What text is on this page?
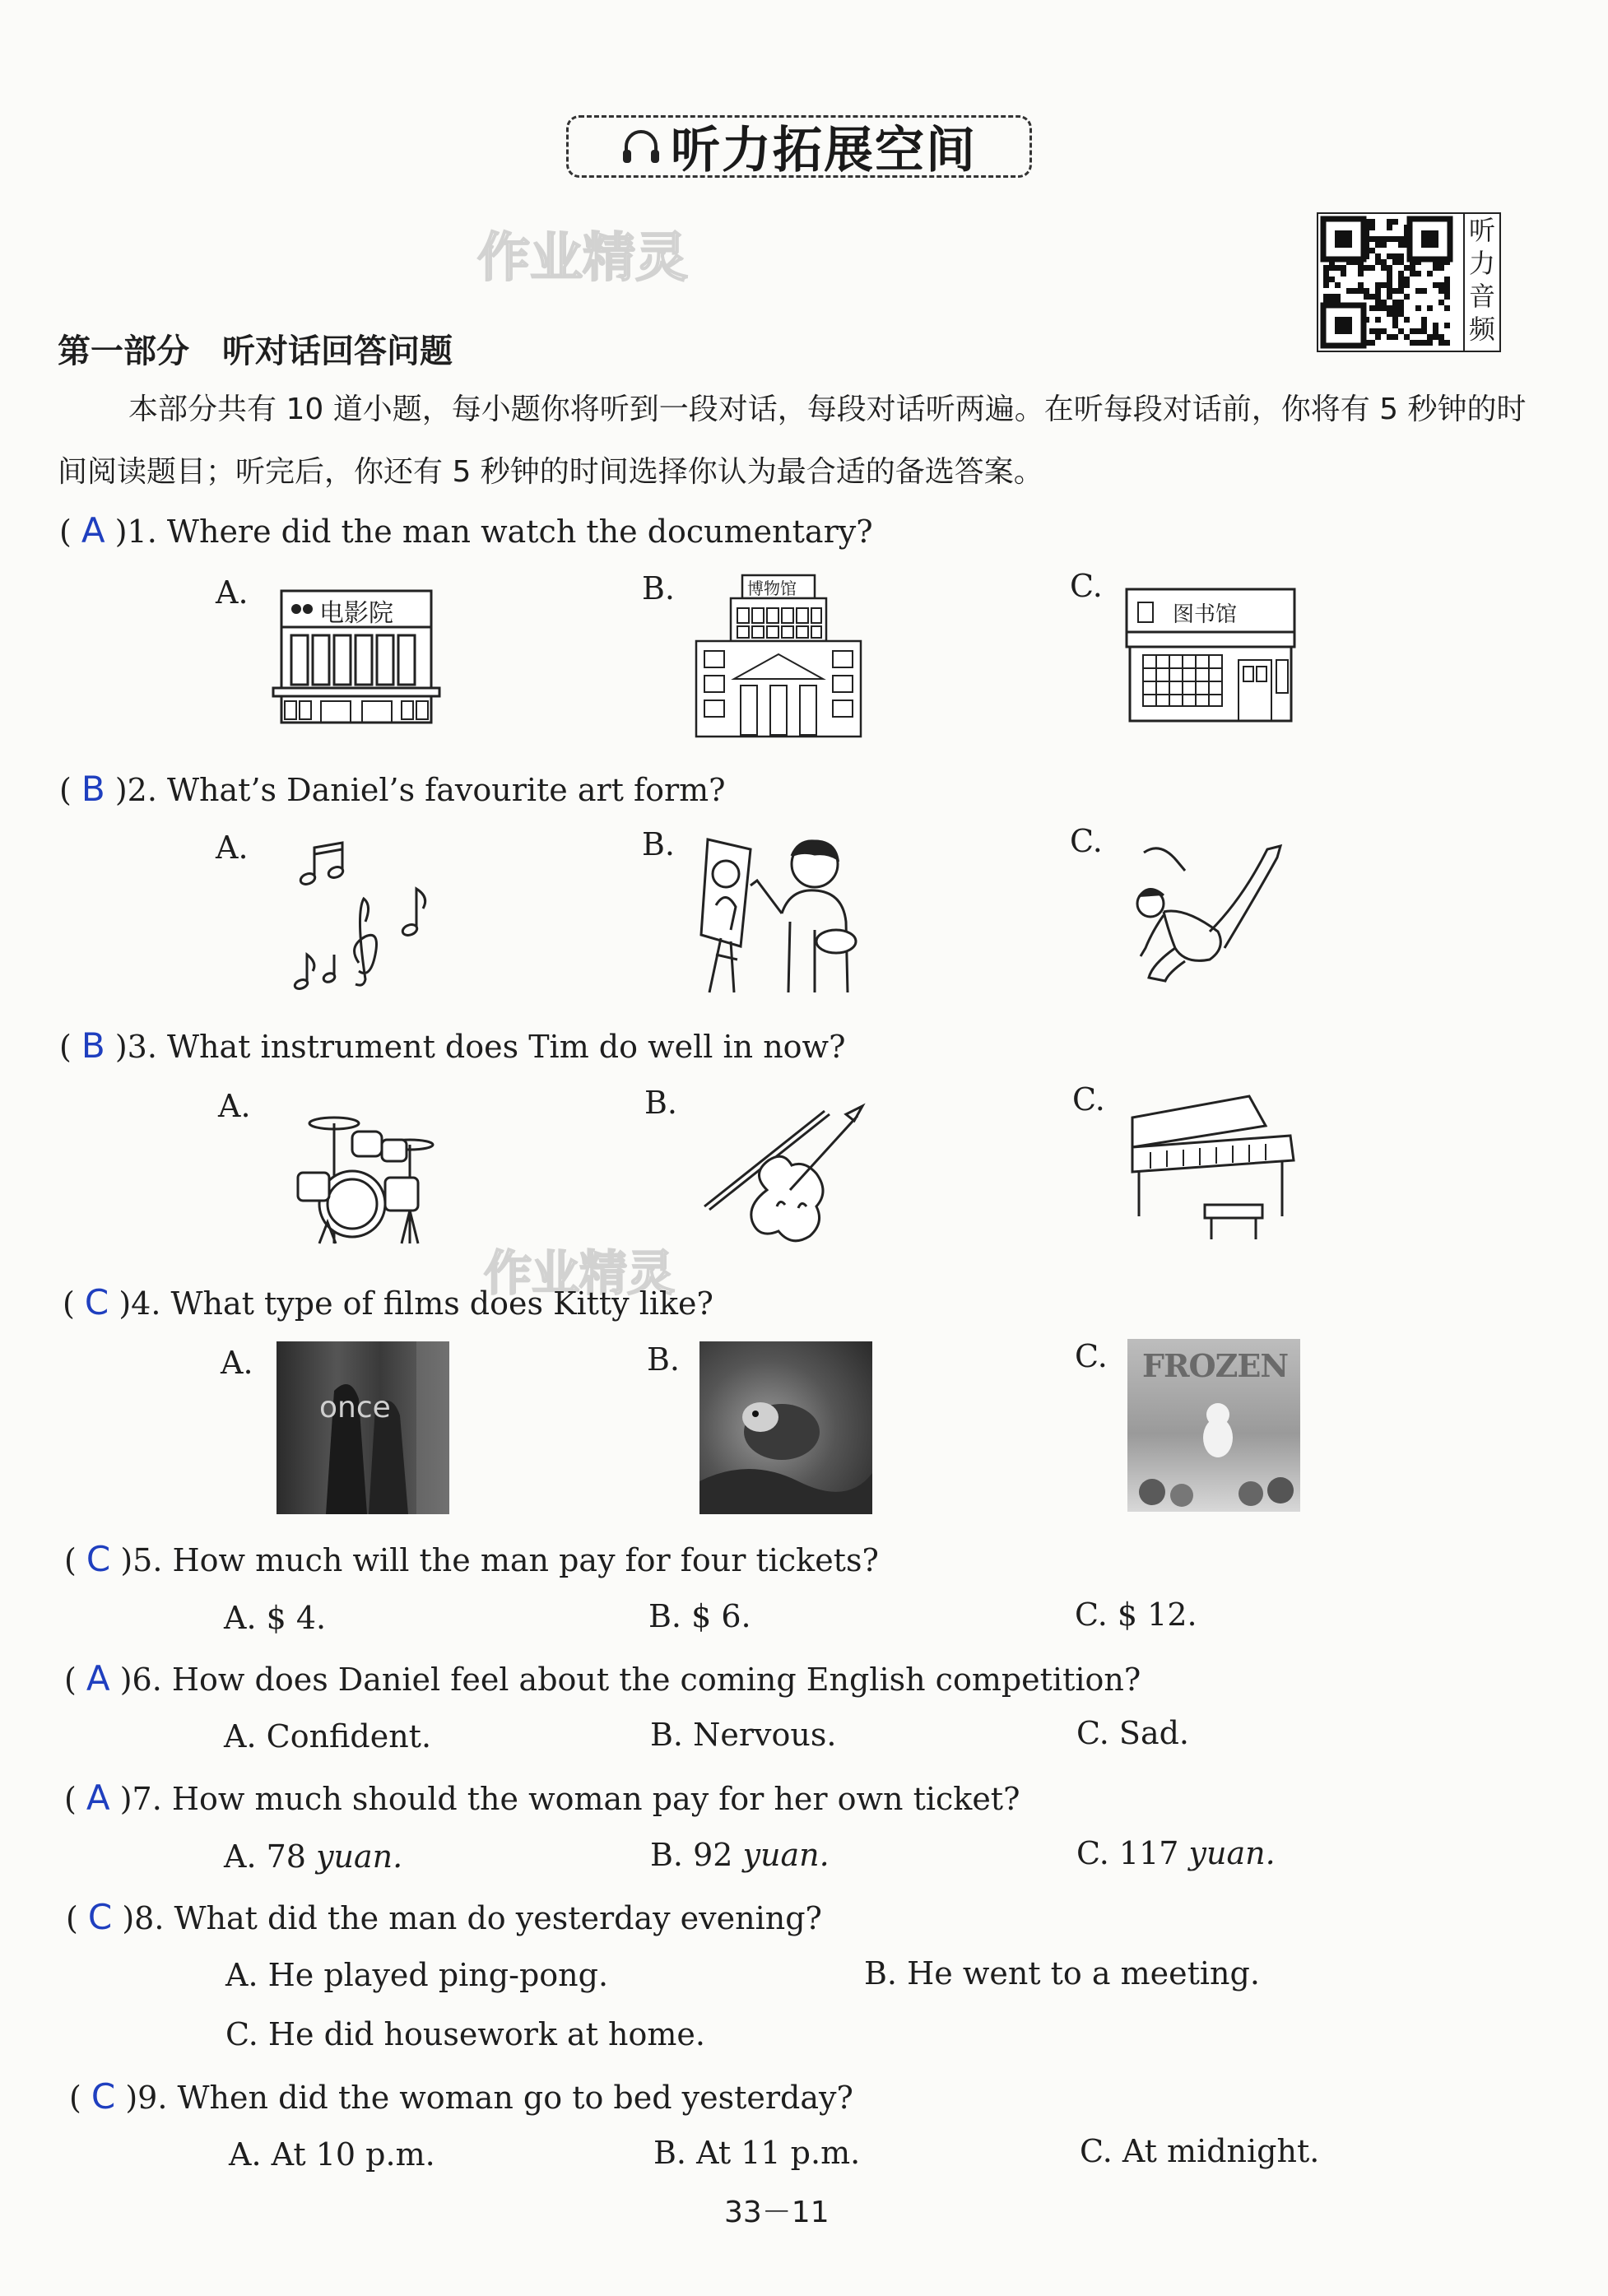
听力拓展空间
作业精灵
作业精灵
听
力
音
频
第一部分　听对话回答问题
本部分共有 10 道小题，每小题你将听到一段对话，每段对话听两遍。在听每段对话前，你将有 5 秒钟的时间阅读题目；听完后，你还有 5 秒钟的时间选择你认为最合适的备选答案。
( A )1. Where did the man watch the documentary?
A.	B.	C.
电影院
博物馆
图书馆
( B )2. What’s Daniel’s favourite art form?
A.	B.	C.
( B )3. What instrument does Tim do well in now?
A.	B.	C.
( C )4. What type of films does Kitty like?
A.	B.	C.
once
FROZEN
( C )5. How much will the man pay for four tickets?
A. $ 4.	B. $ 6.	C. $ 12.
( A )6. How does Daniel feel about the coming English competition?
A. Confident.	B. Nervous.	C. Sad.
( A )7. How much should the woman pay for her own ticket?
A. 78 yuan.	B. 92 yuan.	C. 117 yuan.
( C )8. What did the man do yesterday evening?
A. He played ping-pong.	B. He went to a meeting.
C. He did housework at home.
( C )9. When did the woman go to bed yesterday?
A. At 10 p.m.	B. At 11 p.m.	C. At midnight.
33－11
